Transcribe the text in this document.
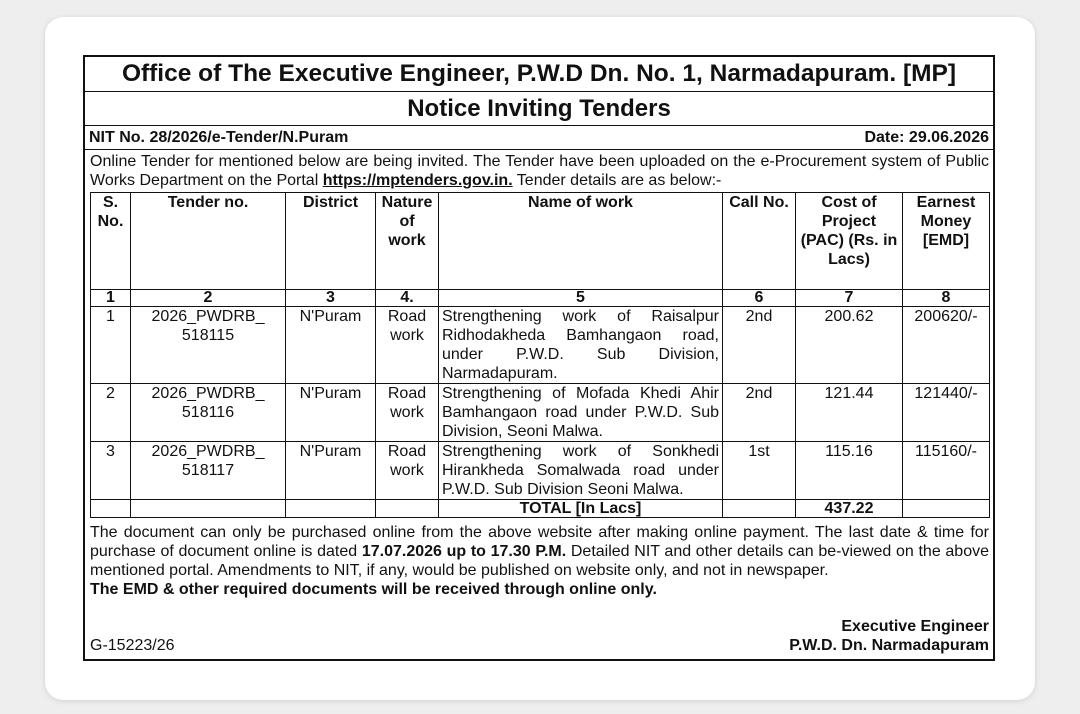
Office of The Executive Engineer, P.W.D Dn. No. 1, Narmadapuram. [MP]
Notice Inviting Tenders
NIT No. 28/2026/e-Tender/N.Puram	Date: 29.06.2026
Online Tender for mentioned below are being invited. The Tender have been uploaded on the e-Procurement system of Public Works Department on the Portal https://mptenders.gov.in. Tender details are as below:-
S. No.	Tender no.	District	Nature of work	Name of work	Call No.	Cost of Project (PAC) (Rs. in Lacs)	Earnest Money [EMD]
1	2	3	4.	5	6	7	8
1	2026_PWDRB_ 518115	N'Puram	Road work	Strengthening work of Raisalpur Ridhodakheda Bamhangaon road, under P.W.D. Sub Division, Narmadapuram.	2nd	200.62	200620/-
2	2026_PWDRB_ 518116	N'Puram	Road work	Strengthening of Mofada Khedi Ahir Bamhangaon road under P.W.D. Sub Division, Seoni Malwa.	2nd	121.44	121440/-
3	2026_PWDRB_ 518117	N'Puram	Road work	Strengthening work of Sonkhedi Hirankheda Somalwada road under P.W.D. Sub Division Seoni Malwa.	1st	115.16	115160/-
				TOTAL [In Lacs]		437.22	
The document can only be purchased online from the above website after making online payment. The last date & time for purchase of document online is dated 17.07.2026 up to 17.30 P.M. Detailed NIT and other details can be-viewed on the above mentioned portal. Amendments to NIT, if any, would be published on website only, and not in newspaper.
The EMD & other required documents will be received through online only.
G-15223/26
Executive Engineer
P.W.D. Dn. Narmadapuram
